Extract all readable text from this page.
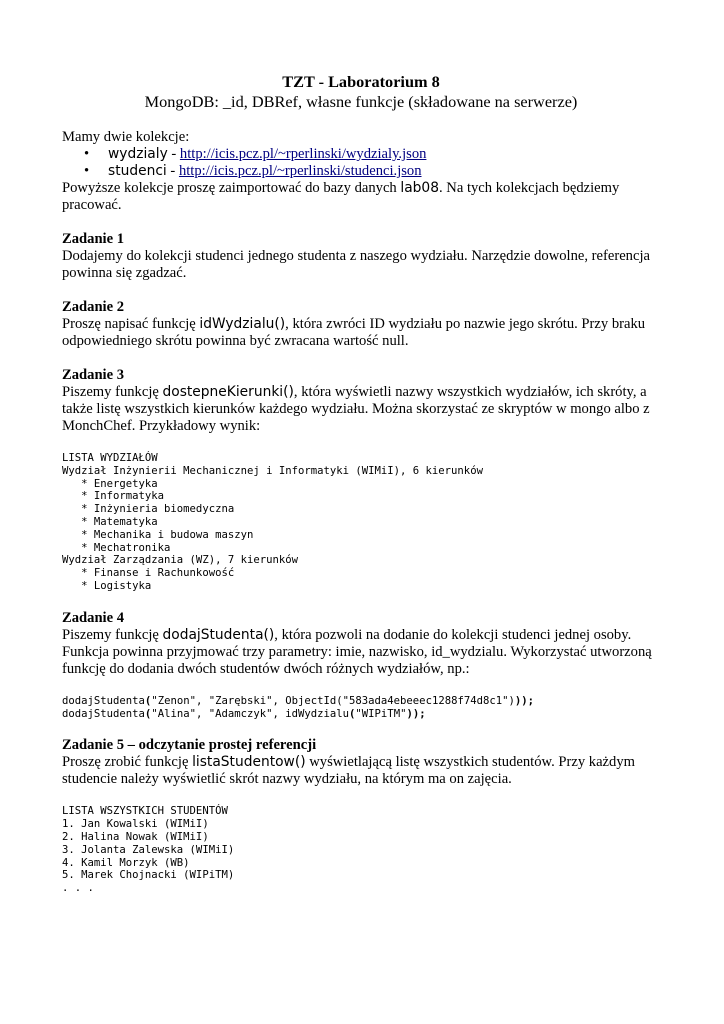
TZT - Laboratorium 8
MongoDB: _id, DBRef, własne funkcje (składowane na serwerze)

Mamy dwie kolekcje:

• wydzialy - http://icis.pcz.pl/~rperlinski/wydzialy.json
• studenci - http://icis.pcz.pl/~rperlinski/studenci.json

Powyższe kolekcje proszę zaimportować do bazy danych lab08. Na tych kolekcjach będziemy pracować.

Zadanie 1

Dodajemy do kolekcji studenci jednego studenta z naszego wydziału. Narzędzie dowolne, referencja powinna się zgadzać.

Zadanie 2

Proszę napisać funkcję idWydzialu(), która zwróci ID wydziału po nazwie jego skrótu. Przy braku odpowiedniego skrótu powinna być zwracana wartość null.

Zadanie 3

Piszemy funkcję dostepneKierunki(), która wyświetli nazwy wszystkich wydziałów, ich skróty, a także listę wszystkich kierunków każdego wydziału. Można skorzystać ze skryptów w mongo albo z MonchChef. Przykładowy wynik:

LISTA WYDZIAŁÓW
Wydział Inżynierii Mechanicznej i Informatyki (WIMiI), 6 kierunków
* Energetyka
* Informatyka
* Inżynieria biomedyczna
* Matematyka
* Mechanika i budowa maszyn
* Mechatronika
Wydział Zarządzania (WZ), 7 kierunków
* Finanse i Rachunkowość
* Logistyka
Zadanie 4

Piszemy funkcję dodajStudenta(), która pozwoli na dodanie do kolekcji studenci jednej osoby. Funkcja powinna przyjmować trzy parametry: imie, nazwisko, id_wydzialu. Wykorzystać utworzoną funkcję do dodania dwóch studentów dwóch różnych wydziałów, np.:

dodajStudenta("Zenon", "Zarębski", ObjectId("583ada4ebeeec1288f74d8c1")));
dodajStudenta("Alina", "Adamczyk", idWydzialu("WIPiTM"));
Zadanie 5 – odczytanie prostej referencji

Proszę zrobić funkcję listaStudentow() wyświetlającą listę wszystkich studentów. Przy każdym studencie należy wyświetlić skrót nazwy wydziału, na którym ma on zajęcia.

LISTA WSZYSTKICH STUDENTÓW
1. Jan Kowalski (WIMiI)
2. Halina Nowak (WIMiI)
3. Jolanta Zalewska (WIMiI)
4. Kamil Morzyk (WB)
5. Marek Chojnacki (WIPiTM)
. . .
